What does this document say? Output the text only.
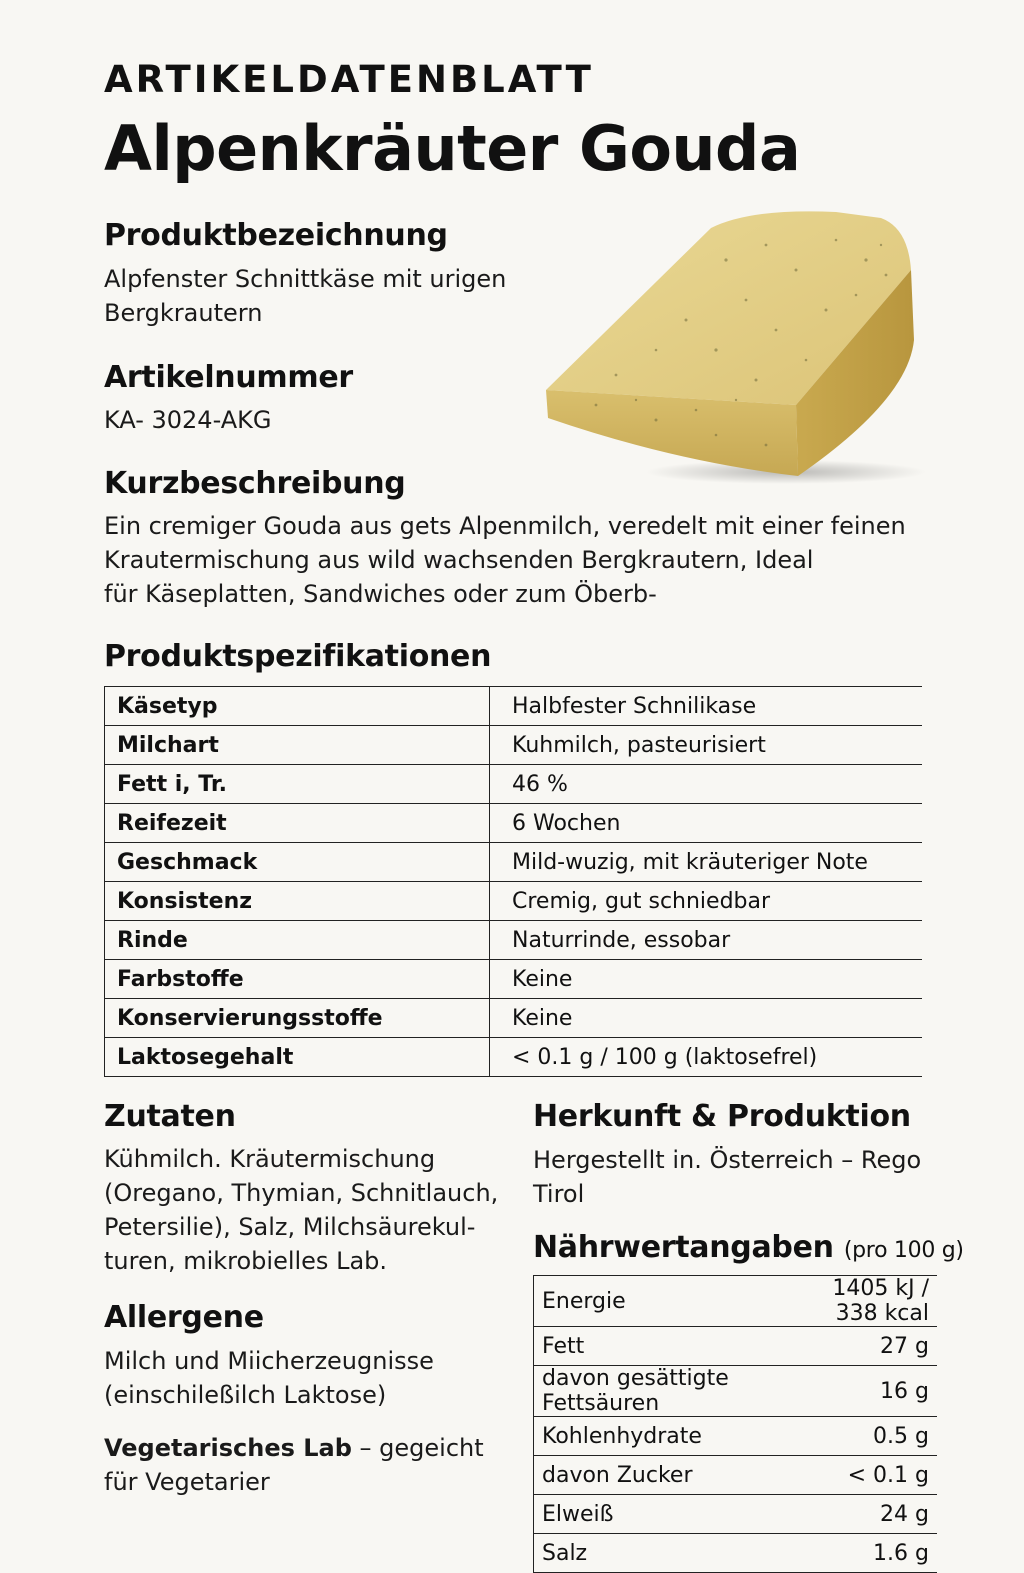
ARTIKELDATENBLATT
Alpenkräuter Gouda
Produktbezeichnung

Alpfenster Schnittkäse mit urigen

Bergkrautern

Artikelnummer

KA- 3024-AKG

Kurzbeschreibung

Ein cremiger Gouda aus gets Alpenmilch, veredelt mit einer feinen

Krautermischung aus wild wachsenden Bergkrautern, Ideal

für Käseplatten, Sandwiches oder zum Öberb-

Produktspezifikationen
Käsetyp	Halbfester Schnilikase
Milchart	Kuhmilch, pasteurisiert
Fett i, Tr.	46 %
Reifezeit	6 Wochen
Geschmack	Mild-wuzig, mit kräuteriger Note
Konsistenz	Cremig, gut schniedbar
Rinde	Naturrinde, essobar
Farbstoffe	Keine
Konservierungsstoffe	Keine
Laktosegehalt	< 0.1 g / 100 g (laktosefrel)
Zutaten

Kühmilch. Kräutermischung

(Oregano, Thymian, Schnitlauch,

Petersilie), Salz, Milchsäurekul-

turen, mikrobielles Lab.

Allergene

Milch und Miicherzeugnisse

(einschileßilch Laktose)

Vegetarisches Lab – gegeicht

für Vegetarier

Herkunft & Produktion

Hergestellt in. Österreich – Rego

Tirol

Nährwertangaben (pro 100 g)
Energie	1405 kJ / 338 kcal
Fett	27 g
davon gesättigte Fettsäuren	16 g
Kohlenhydrate	0.5 g
davon Zucker	< 0.1 g
Elweiß	24 g
Salz	1.6 g
